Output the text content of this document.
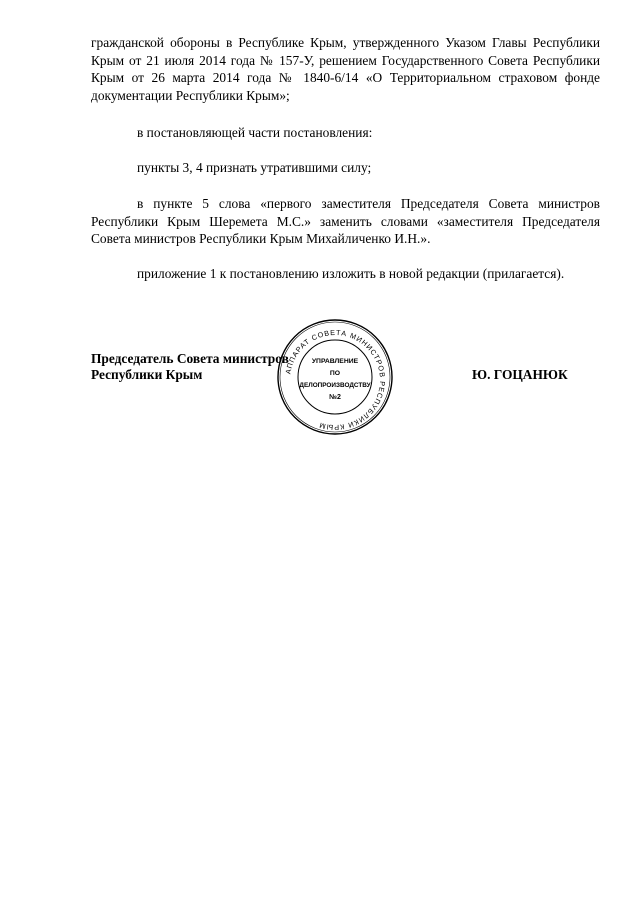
гражданской обороны в Республике Крым, утвержденного Указом Главы Республики Крым от 21 июля 2014 года № 157-У, решением Государственного Совета Республики Крым от 26 марта 2014 года № 1840-6/14 «О Территориальном страховом фонде документации Республики Крым»;

в постановляющей части постановления:

пункты 3, 4 признать утратившими силу;

в пункте 5 слова «первого заместителя Председателя Совета министров Республики Крым Шеремета М.С.» заменить словами «заместителя Председателя Совета министров Республики Крым Михайличенко И.Н.».

приложение 1 к постановлению изложить в новой редакции (прилагается).

АППАРАТ СОВЕТА МИНИСТРОВ РЕСПУБЛИКИ КРЫМ
УПРАВЛЕНИЕ
ПО
ДЕЛОПРОИЗВОДСТВУ
№2
Председатель Совета министров
Республики Крым	Ю. ГОЦАНЮК
